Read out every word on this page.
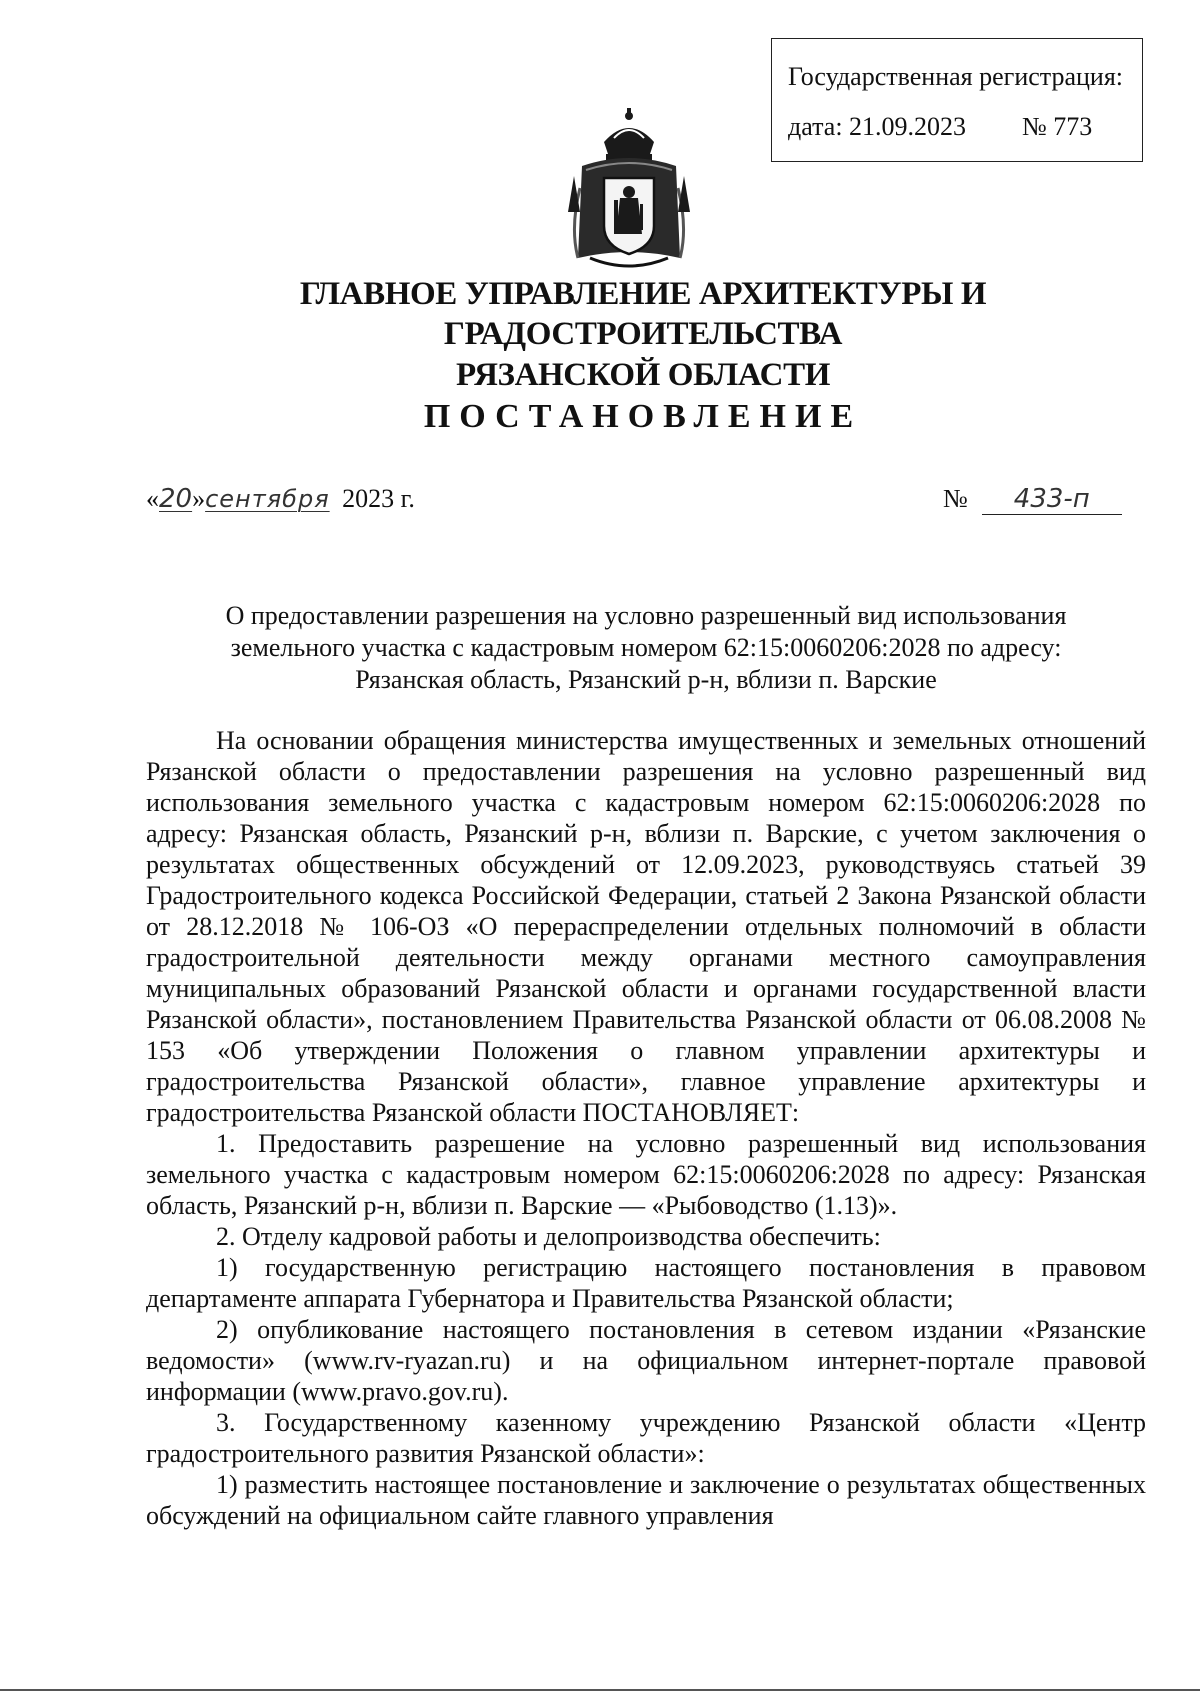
Государственная регистрация:
дата: 21.09.2023 № 773
ГЛАВНОЕ УПРАВЛЕНИЕ АРХИТЕКТУРЫ И ГРАДОСТРОИТЕЛЬСТВА
РЯЗАНСКОЙ ОБЛАСТИ
ПОСТАНОВЛЕНИЕ
«20»сентября 2023 г.	№ 433-п
О предоставлении разрешения на условно разрешенный вид использования
земельного участка с кадастровым номером 62:15:0060206:2028 по адресу:
Рязанская область, Рязанский р-н, вблизи п. Варские

На основании обращения министерства имущественных и земельных отношений Рязанской области о предоставлении разрешения на условно разрешенный вид использования земельного участка с кадастровым номером 62:15:0060206:2028 по адресу: Рязанская область, Рязанский р-н, вблизи п. Варские, с учетом заключения о результатах общественных обсуждений от 12.09.2023, руководствуясь статьей 39 Градостроительного кодекса Российской Федерации, статьей 2 Закона Рязанской области от 28.12.2018 № 106-ОЗ «О перераспределении отдельных полномочий в области градостроительной деятельности между органами местного самоуправления муниципальных образований Рязанской области и органами государственной власти Рязанской области», постановлением Правительства Рязанской области от 06.08.2008 № 153 «Об утверждении Положения о главном управлении архитектуры и градостроительства Рязанской области», главное управление архитектуры и градостроительства Рязанской области ПОСТАНОВЛЯЕТ:

1. Предоставить разрешение на условно разрешенный вид использования земельного участка с кадастровым номером 62:15:0060206:2028 по адресу: Рязанская область, Рязанский р-н, вблизи п. Варские — «Рыбоводство (1.13)».

2. Отделу кадровой работы и делопроизводства обеспечить:

1) государственную регистрацию настоящего постановления в правовом департаменте аппарата Губернатора и Правительства Рязанской области;

2) опубликование настоящего постановления в сетевом издании «Рязанские ведомости» (www.rv-ryazan.ru) и на официальном интернет-портале правовой информации (www.pravo.gov.ru).

3. Государственному казенному учреждению Рязанской области «Центр градостроительного развития Рязанской области»:

1) разместить настоящее постановление и заключение о результатах общественных обсуждений на официальном сайте главного управления
